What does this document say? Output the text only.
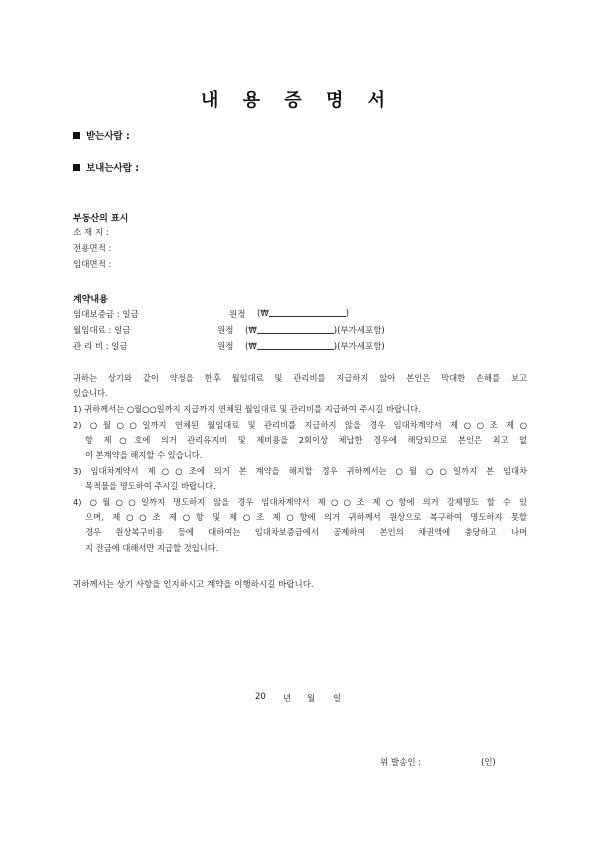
내 용 증 명 서
받는사람 :
보내는사람 :
부동산의 표시
소 재 지 :
전용면적 :
임대면적 :
계약내용
임대보증금 : 일금	원정 (₩	)
월임대료 : 일금	원정 (₩	)(부가세포함)
관 리 비 : 일금	원정 (₩	)(부가세포함)
귀하는 상기와 같이 약정을 한후 월임대료 및 관리비를 지급하지 않아 본인은 막대한 손해를 보고
있습니다.
1) 귀하께서는 ○월○○일까지 지급까지 연체된 월임대료 및 관리비를 지급하여 주시길 바랍니다.
2) ○월○○일까지 연체된 월임대료 및 관리비를 지급하지 않을 경우 임대차계약서 제○○조 제○
항 제○호에 의거 관리유지비 및 제비용을 2회이상 체납한 경우에 해당되므로 본인은 최고 없
이 본계약을 해지할 수 있습니다.
3) 임대차계약서 제○○조에 의거 본 계약을 해지할 경우 귀하께서는 ○월 ○○일까지 본 임대차
목적물을 명도하여 주시길 바랍니다.
4) ○월○○일까지 명도하지 않을 경우 임대차계약서 제○○조 제○항에 의거 강제명도 할 수 있
으며, 제○○조 제○항 및 제○조 제○항에 의거 귀하께서 원상으로 복구하여 명도하지 못할
경우 원상복구비용 등에 대하여는 임대차보증금에서 공제하여 본인의 채권액에 충당하고 나머
지 잔금에 대해서만 지급할 것입니다.
귀하께서는 상기 사항을 인지하시고 계약을 이행하시길 바랍니다.
20 년 월 일
위 발송인 :	(인)
